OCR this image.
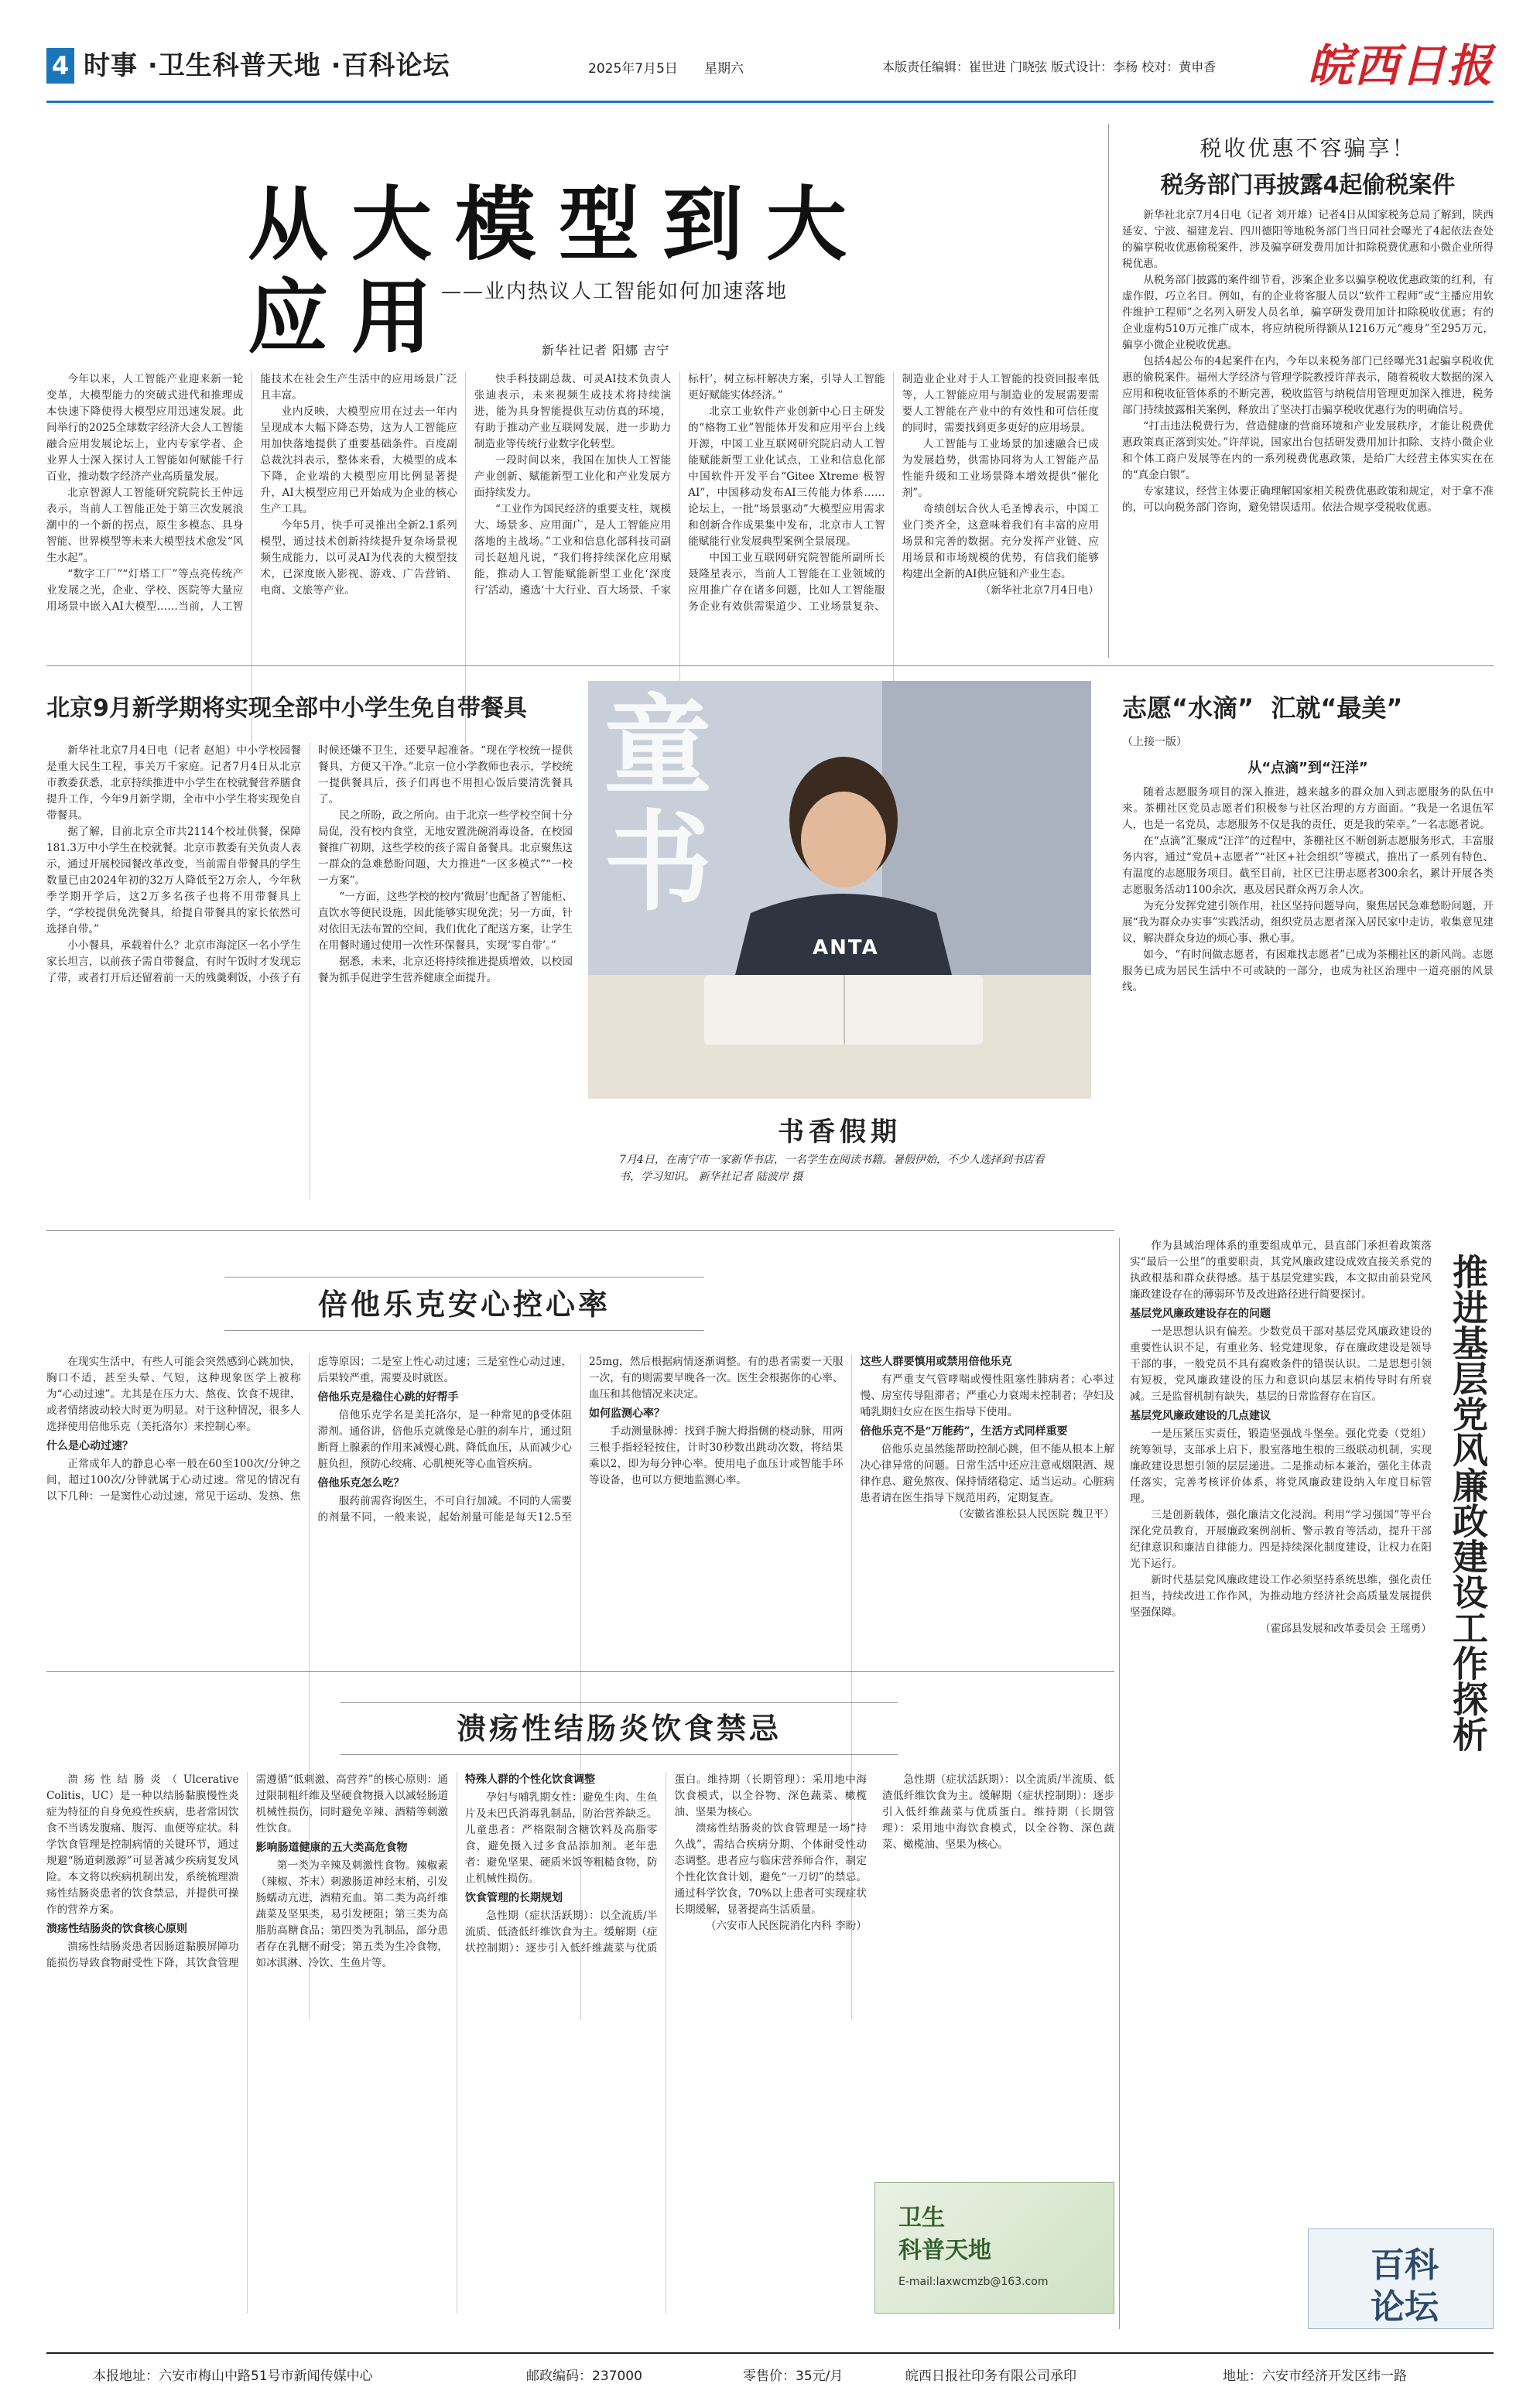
4 时事 ·卫生科普天地 ·百科论坛	2025年7月5日 星期六	本版责任编辑：崔世进 门晓弦 版式设计：李杨 校对：黄申香 皖西日报
从大模型到大应用
——业内热议人工智能如何加速落地
新华社记者 阳娜 吉宁

今年以来，人工智能产业迎来新一轮变革，大模型能力的突破式进代和推理成本快速下降使得大模型应用迅速发展。此间举行的2025全球数字经济大会人工智能融合应用发展论坛上，业内专家学者、企业界人士深入探讨人工智能如何赋能千行百业，推动数字经济产业高质量发展。

北京智源人工智能研究院院长王仲远表示，当前人工智能正处于第三次发展浪潮中的一个新的拐点，原生多模态、具身智能、世界模型等未来大模型技术愈发“风生水起”。

“数字工厂”“灯塔工厂”等点亮传统产业发展之光，企业、学校、医院等大量应用场景中嵌入AI大模型……当前，人工智能技术在社会生产生活中的应用场景广泛且丰富。

业内反映，大模型应用在过去一年内呈现成本大幅下降态势，这为人工智能应用加快落地提供了重要基础条件。百度副总裁沈抖表示，整体来看，大模型的成本下降，企业端的大模型应用比例显著提升，AI大模型应用已开始成为企业的核心生产工具。

今年5月，快手可灵推出全新2.1系列模型，通过技术创新持续提升复杂场景视频生成能力，以可灵AI为代表的大模型技术，已深度嵌入影视、游戏、广告营销、电商、文旅等产业。

快手科技副总裁、可灵AI技术负责人张迪表示，未来视频生成技术将持续演进，能为具身智能提供互动仿真的环境，有助于推动产业互联网发展，进一步助力制造业等传统行业数字化转型。

一段时间以来，我国在加快人工智能产业创新、赋能新型工业化和产业发展方面持续发力。

“工业作为国民经济的重要支柱，规模大、场景多、应用面广，是人工智能应用落地的主战场。”工业和信息化部科技司副司长赵旭凡说，“我们将持续深化应用赋能，推动人工智能赋能新型工业化‘深度行’活动，遴选‘十大行业、百大场景、千家标杆’，树立标杆解决方案，引导人工智能更好赋能实体经济。”

北京工业软件产业创新中心日主研发的“格物工业”智能体开发和应用平台上线开源，中国工业互联网研究院启动人工智能赋能新型工业化试点，工业和信息化部中国软件开发平台“Gitee Xtreme 极智AI”，中国移动发布AI三传能力体系……论坛上，一批“场景驱动”大模型应用需求和创新合作成果集中发布，北京市人工智能赋能行业发展典型案例全景展现。

中国工业互联网研究院智能所副所长聂隆星表示，当前人工智能在工业领域的应用推广存在诸多问题，比如人工智能服务企业有效供需渠道少、工业场景复杂、制造业企业对于人工智能的投资回报率低等，人工智能应用与制造业的发展需要需要人工智能在产业中的有效性和可信任度的同时，需要找到更多更好的应用场景。

人工智能与工业场景的加速融合已成为发展趋势，供需协同将为人工智能产品性能升级和工业场景降本增效提供“催化剂”。

奇绩创坛合伙人毛圣博表示，中国工业门类齐全，这意味着我们有丰富的应用场景和完善的数据。充分发挥产业链、应用场景和市场规模的优势，有信我们能够构建出全新的AI供应链和产业生态。

（新华社北京7月4日电）

税收优惠不容骗享！
税务部门再披露4起偷税案件

新华社北京7月4日电（记者 刘开雄）记者4日从国家税务总局了解到，陕西延安、宁波、福建龙岩、四川德阳等地税务部门当日同社会曝光了4起依法查处的骗享税收优惠偷税案件，涉及骗享研发费用加计扣除税费优惠和小微企业所得税优惠。

从税务部门披露的案件细节看，涉案企业多以骗享税收优惠政策的红利，有虚作假、巧立名目。例如，有的企业将客服人员以“软件工程师”或“主播应用软件维护工程师”之名列入研发人员名单，骗享研发费用加计扣除税收优惠；有的企业虚构510万元推广成本，将应纳税所得额从1216万元“瘦身”至295万元，骗享小微企业税收优惠。

包括4起公布的4起案件在内，今年以来税务部门已经曝光31起骗享税收优惠的偷税案件。福州大学经济与管理学院教授许萍表示，随着税收大数据的深入应用和税收征管体系的不断完善，税收监管与纳税信用管理更加深入推进，税务部门持续披露相关案例，释放出了坚决打击骗享税收优惠行为的明确信号。

“打击违法税费行为，营造健康的营商环境和产业发展秩序，才能让税费优惠政策真正落到实处。”许萍说，国家出台包括研发费用加计扣除、支持小微企业和个体工商户发展等在内的一系列税费优惠政策，是给广大经营主体实实在在的“真金白银”。

专家建议，经营主体要正确理解国家相关税费优惠政策和规定，对于拿不准的，可以向税务部门咨询，避免错误适用。依法合规享受税收优惠。

北京9月新学期将实现全部中小学生免自带餐具

新华社北京7月4日电（记者 赵旭）中小学校园餐是重大民生工程，事关万千家庭。记者7月4日从北京市教委获悉，北京持续推进中小学生在校就餐营养膳食提升工作，今年9月新学期，全市中小学生将实现免自带餐具。

据了解，目前北京全市共2114个校址供餐，保障181.3万中小学生在校就餐。北京市教委有关负责人表示，通过开展校园餐改革改变，当前需自带餐具的学生数量已由2024年初的32万人降低至2万余人，今年秋季学期开学后，这2万多名孩子也将不用带餐具上学，“学校提供免洗餐具，给提自带餐具的家长依然可选择自带。”

小小餐具，承载着什么？北京市海淀区一名小学生家长坦言，以前孩子需自带餐盒，有时午饭时才发现忘了带，或者打开后还留着前一天的残羹剩饭，小孩子有时候还嫌不卫生，还要早起准备。“现在学校统一提供餐具，方便又干净。”北京一位小学教师也表示，学校统一提供餐具后，孩子们再也不用担心饭后要清洗餐具了。

民之所盼，政之所向。由于北京一些学校空间十分局促，没有校内食堂，无地安置洗碗消毒设备，在校园餐推广初期，这些学校的孩子需自备餐具。北京聚焦这一群众的急难愁盼问题，大力推进“一区多模式”“一校一方案”。

“一方面，这些学校的校内‘微厨’也配备了智能柜、直饮水等便民设施，因此能够实现免洗；另一方面，针对依旧无法布置的空间，我们优化了配送方案，让学生在用餐时通过使用一次性环保餐具，实现‘零自带’。”

据悉，未来，北京还将持续推进提质增效，以校园餐为抓手促进学生营养健康全面提升。

童书
ANTA
书香假期
7月4日，在南宁市一家新华书店，一名学生在阅读书籍。暑假伊始，不少人选择到书店看书，学习知识。 新华社记者 陆波岸 摄
志愿“水滴”  汇就“最美”
（上接一版）
从“点滴”到“汪洋”

随着志愿服务项目的深入推进，越来越多的群众加入到志愿服务的队伍中来。茶棚社区党员志愿者们积极参与社区治理的方方面面。“我是一名退伍军人，也是一名党员，志愿服务不仅是我的责任，更是我的荣幸。”一名志愿者说。

在“点滴”汇聚成“汪洋”的过程中，茶棚社区不断创新志愿服务形式，丰富服务内容，通过“党员+志愿者”“社区+社会组织”等模式，推出了一系列有特色、有温度的志愿服务项目。截至目前，社区已注册志愿者300余名，累计开展各类志愿服务活动1100余次，惠及居民群众两万余人次。

为充分发挥党建引领作用，社区坚持问题导向，聚焦居民急难愁盼问题，开展“我为群众办实事”实践活动，组织党员志愿者深入居民家中走访，收集意见建议，解决群众身边的烦心事、揪心事。

如今，“有时间做志愿者，有困难找志愿者”已成为茶棚社区的新风尚。志愿服务已成为居民生活中不可或缺的一部分，也成为社区治理中一道亮丽的风景线。

倍他乐克安心控心率

在现实生活中，有些人可能会突然感到心跳加快，胸口不适，甚至头晕、气短，这种现象医学上被称为“心动过速”。尤其是在压力大、熬夜、饮食不规律、或者情绪波动较大时更为明显。对于这种情况，很多人选择使用倍他乐克（美托洛尔）来控制心率。

什么是心动过速？

正常成年人的静息心率一般在60至100次/分钟之间，超过100次/分钟就属于心动过速。常见的情况有以下几种：一是窦性心动过速，常见于运动、发热、焦虑等原因；二是室上性心动过速；三是室性心动过速，后果较严重，需要及时就医。

倍他乐克是稳住心跳的好帮手

倍他乐克学名是美托洛尔，是一种常见的β受体阻滞剂。通俗讲，倍他乐克就像是心脏的刹车片，通过阻断肾上腺素的作用来减慢心跳、降低血压，从而减少心脏负担，预防心绞痛、心肌梗死等心血管疾病。

倍他乐克怎么吃？

服药前需咨询医生，不可自行加减。不同的人需要的剂量不同，一般来说，起始剂量可能是每天12.5至25mg，然后根据病情逐渐调整。有的患者需要一天服一次，有的则需要早晚各一次。医生会根据你的心率、血压和其他情况来决定。

如何监测心率？

手动测量脉搏：找到手腕大拇指侧的桡动脉，用两三根手指轻轻按住，计时30秒数出跳动次数，将结果乘以2，即为每分钟心率。使用电子血压计或智能手环等设备，也可以方便地监测心率。

这些人群要慎用或禁用倍他乐克

有严重支气管哮喘或慢性阻塞性肺病者；心率过慢、房室传导阻滞者；严重心力衰竭未控制者；孕妇及哺乳期妇女应在医生指导下使用。

倍他乐克不是“万能药”，生活方式同样重要

倍他乐克虽然能帮助控制心跳，但不能从根本上解决心律异常的问题。日常生活中还应注意戒烟限酒、规律作息、避免熬夜、保持情绪稳定、适当运动。心脏病患者请在医生指导下规范用药，定期复查。

（安徽省淮松县人民医院 魏卫平）

溃疡性结肠炎饮食禁忌

溃疡性结肠炎（Ulcerative Colitis，UC）是一种以结肠黏膜慢性炎症为特征的自身免疫性疾病，患者常因饮食不当诱发腹痛、腹泻、血便等症状。科学饮食管理是控制病情的关键环节，通过规避“肠道刺激源”可显著减少疾病复发风险。本文将以疾病机制出发，系统梳理溃疡性结肠炎患者的饮食禁忌，并提供可操作的营养方案。

溃疡性结肠炎的饮食核心原则

溃疡性结肠炎患者因肠道黏膜屏障功能损伤导致食物耐受性下降，其饮食管理需遵循“低刺激、高营养”的核心原则：通过限制粗纤维及坚硬食物摄入以减轻肠道机械性损伤，同时避免辛辣、酒精等刺激性饮食。

影响肠道健康的五大类高危食物

第一类为辛辣及刺激性食物。辣椒素（辣椒、芥末）刺激肠道神经末梢，引发肠蠕动亢进，酒精充血。第二类为高纤维蔬菜及坚果类，易引发梗阻；第三类为高脂肪高糖食品；第四类为乳制品，部分患者存在乳糖不耐受；第五类为生冷食物，如冰淇淋、冷饮、生鱼片等。

特殊人群的个性化饮食调整

孕妇与哺乳期女性：避免生肉、生鱼片及未巴氏消毒乳制品，防治营养缺乏。儿童患者：严格限制含糖饮料及高脂零食，避免摄入过多食品添加剂。老年患者：避免坚果、硬质米饭等粗糙食物，防止机械性损伤。

饮食管理的长期规划

急性期（症状活跃期）：以全流质/半流质、低渣低纤维饮食为主。缓解期（症状控制期）：逐步引入低纤维蔬菜与优质蛋白。维持期（长期管理）：采用地中海饮食模式，以全谷物、深色蔬菜、橄榄油、坚果为核心。

溃疡性结肠炎的饮食管理是一场“持久战”，需结合疾病分期、个体耐受性动态调整。患者应与临床营养师合作，制定个性化饮食计划，避免“一刀切”的禁忌。通过科学饮食，70%以上患者可实现症状长期缓解，显著提高生活质量。

（六安市人民医院消化内科 李盼）

急性期（症状活跃期）：以全流质/半流质、低渣低纤维饮食为主。缓解期（症状控制期）：逐步引入低纤维蔬菜与优质蛋白。维持期（长期管理）：采用地中海饮食模式，以全谷物、深色蔬菜、橄榄油、坚果为核心。

卫生
科普天地
E-mail:laxwcmzb@163.com

作为县域治理体系的重要组成单元，县直部门承担着政策落实“最后一公里”的重要职责，其党风廉政建设成效直接关系党的执政根基和群众获得感。基于基层党建实践，本文拟由前县党风廉政建设存在的薄弱环节及改进路径进行简要探讨。

基层党风廉政建设存在的问题

一是思想认识有偏差。少数党员干部对基层党风廉政建设的重要性认识不足，有重业务、轻党建现象，存在廉政建设是领导干部的事，一般党员不具有腐败条件的错误认识。二是思想引领有短板，党风廉政建设的压力和意识向基层末梢传导时有所衰减。三是监督机制有缺失，基层的日常监督存在盲区。

基层党风廉政建设的几点建议

一是压紧压实责任，锻造坚强战斗堡垒。强化党委（党组）统筹领导，支部承上启下，股室落地生根的三级联动机制，实现廉政建设思想引领的层层递进。二是推动标本兼治，强化主体责任落实，完善考核评价体系，将党风廉政建设纳入年度目标管理。

三是创新载体，强化廉洁文化浸润。利用“学习强国”等平台深化党员教育，开展廉政案例剖析、警示教育等活动，提升干部纪律意识和廉洁自律能力。四是持续深化制度建设，让权力在阳光下运行。

新时代基层党风廉政建设工作必须坚持系统思维，强化责任担当，持续改进工作作风，为推动地方经济社会高质量发展提供坚强保障。

（霍邱县发展和改革委员会 王瑶勇） 推进基层党风廉政建设工作探析
百科
论坛
本报地址：六安市梅山中路51号市新闻传媒中心	邮政编码：237000	零售价：35元/月	皖西日报社印务有限公司承印	地址：六安市经济开发区纬一路
